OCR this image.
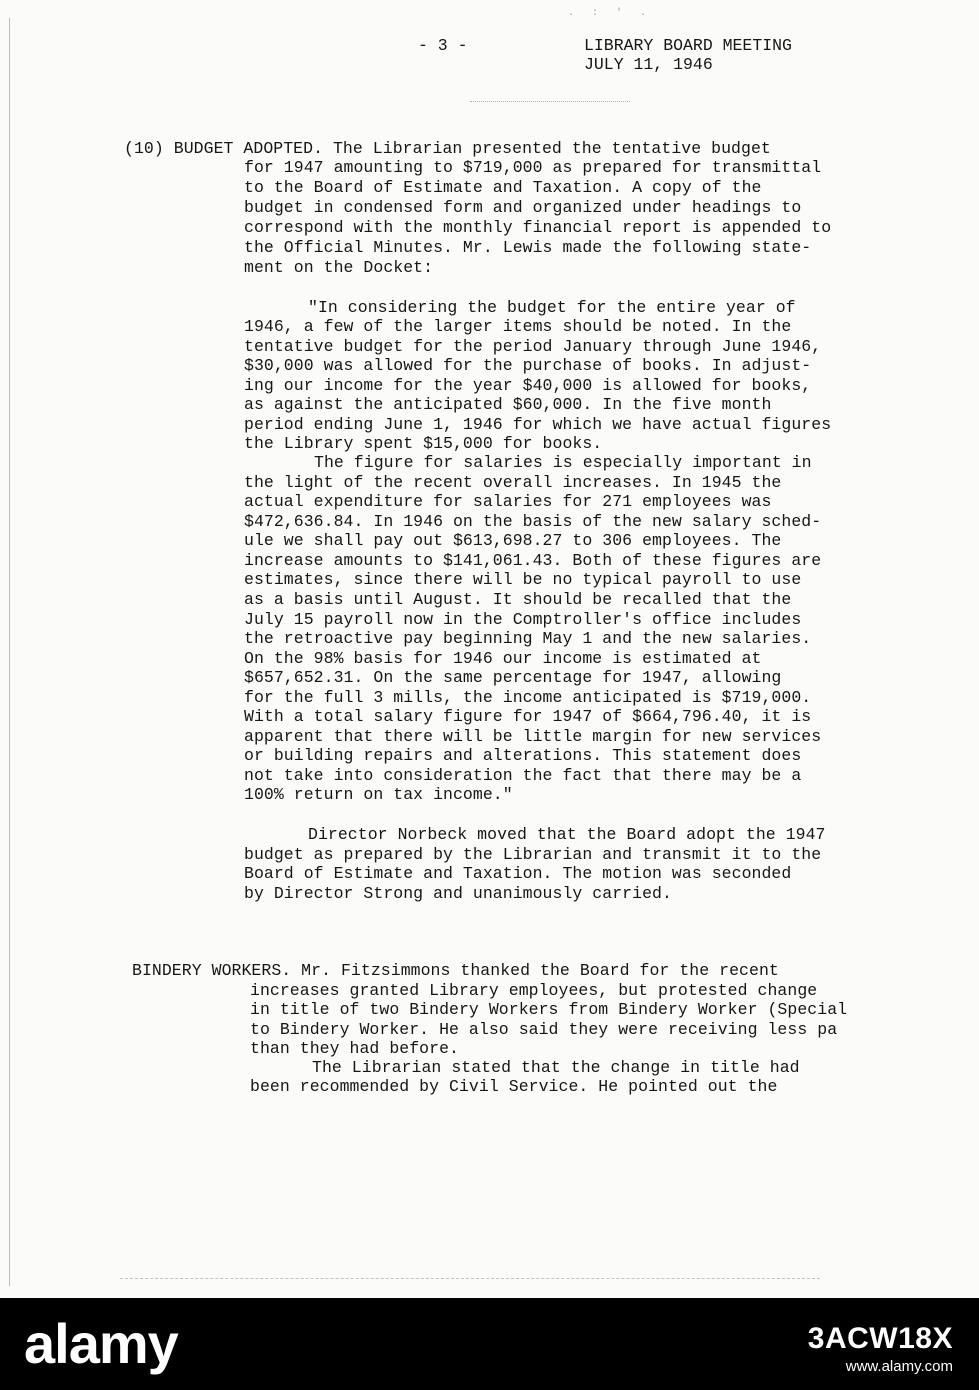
. : ' .
- 3 -	LIBRARY BOARD MEETING
JULY 11, 1946
(10) BUDGET ADOPTED. The Librarian presented the tentative budget
for 1947 amounting to $719,000 as prepared for transmittal
to the Board of Estimate and Taxation. A copy of the
budget in condensed form and organized under headings to
correspond with the monthly financial report is appended to
the Official Minutes. Mr. Lewis made the following state-
ment on the Docket:
"In considering the budget for the entire year of
1946, a few of the larger items should be noted. In the
tentative budget for the period January through June 1946,
$30,000 was allowed for the purchase of books. In adjust-
ing our income for the year $40,000 is allowed for books,
as against the anticipated $60,000. In the five month
period ending June 1, 1946 for which we have actual figures
the Library spent $15,000 for books.
The figure for salaries is especially important in
the light of the recent overall increases. In 1945 the
actual expenditure for salaries for 271 employees was
$472,636.84. In 1946 on the basis of the new salary sched-
ule we shall pay out $613,698.27 to 306 employees. The
increase amounts to $141,061.43. Both of these figures are
estimates, since there will be no typical payroll to use
as a basis until August. It should be recalled that the
July 15 payroll now in the Comptroller's office includes
the retroactive pay beginning May 1 and the new salaries.
On the 98% basis for 1946 our income is estimated at
$657,652.31. On the same percentage for 1947, allowing
for the full 3 mills, the income anticipated is $719,000.
With a total salary figure for 1947 of $664,796.40, it is
apparent that there will be little margin for new services
or building repairs and alterations. This statement does
not take into consideration the fact that there may be a
100% return on tax income."
Director Norbeck moved that the Board adopt the 1947
budget as prepared by the Librarian and transmit it to the
Board of Estimate and Taxation. The motion was seconded
by Director Strong and unanimously carried.
BINDERY WORKERS. Mr. Fitzsimmons thanked the Board for the recent
increases granted Library employees, but protested change
in title of two Bindery Workers from Bindery Worker (Special
to Bindery Worker. He also said they were receiving less pa
than they had before.
The Librarian stated that the change in title had
been recommended by Civil Service. He pointed out the
alamy	3ACW18X
www.alamy.com
